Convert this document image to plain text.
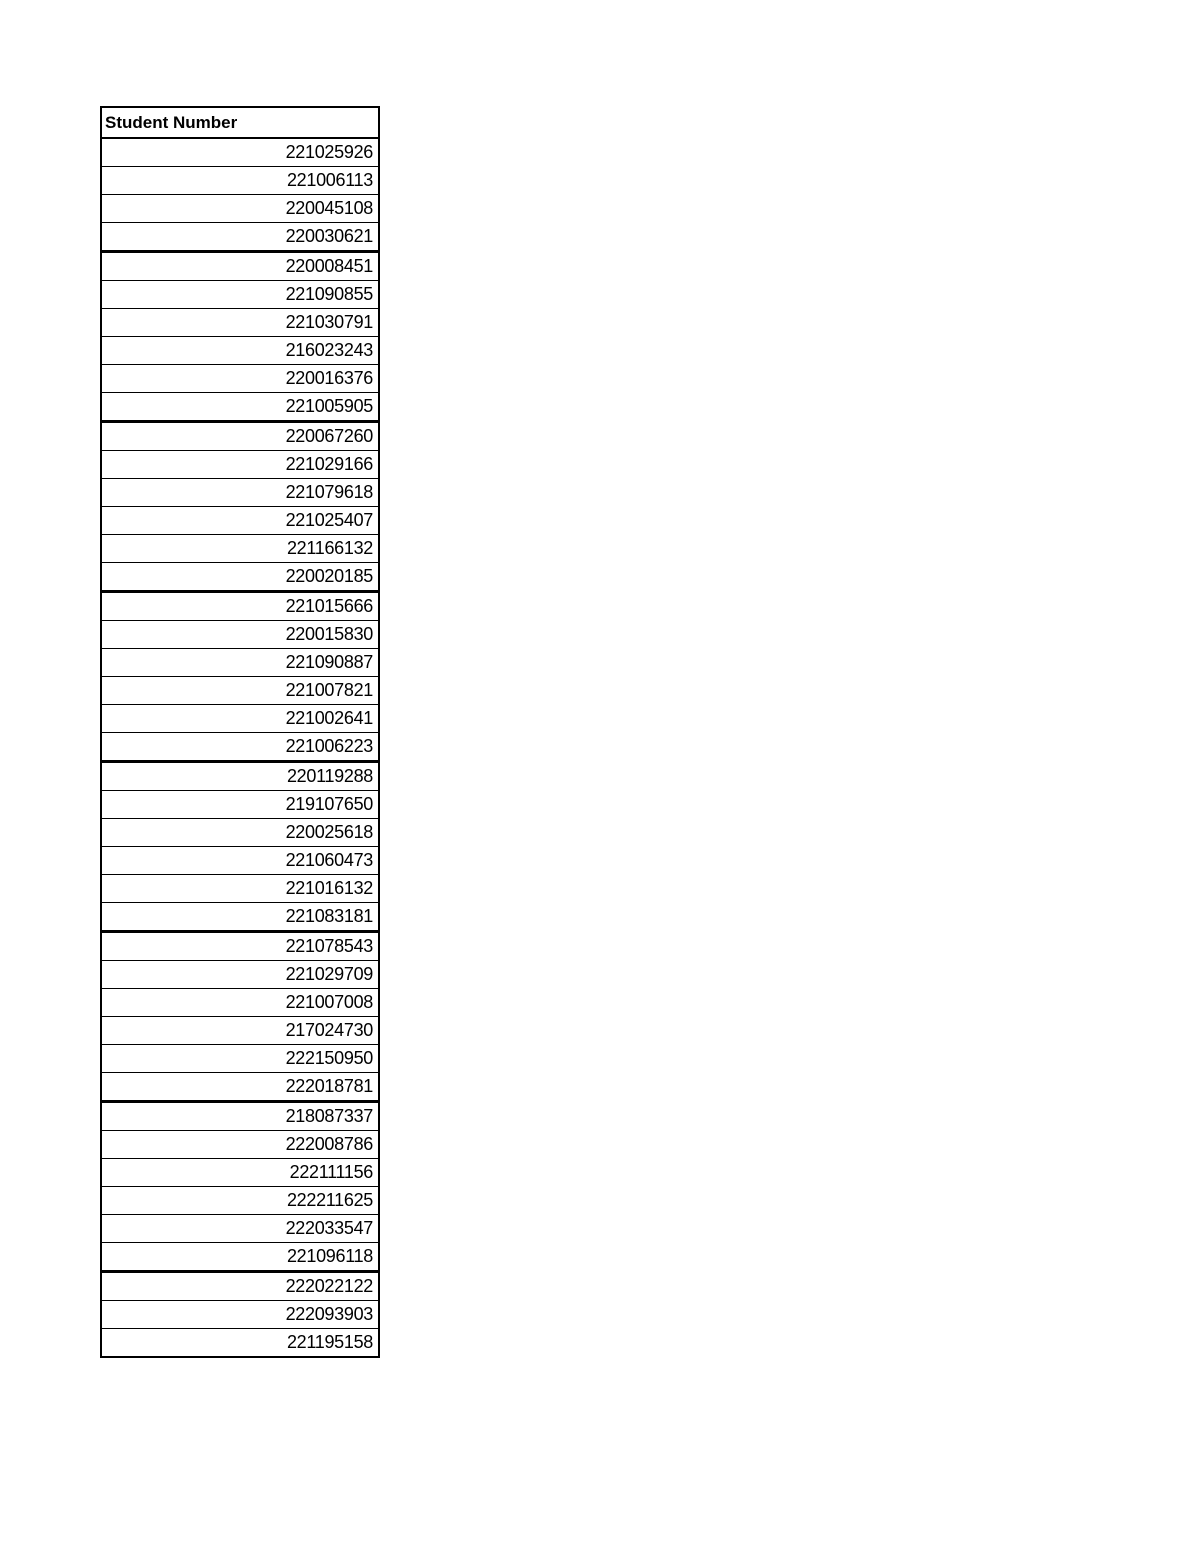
Student Number
221025926
221006113
220045108
220030621
220008451
221090855
221030791
216023243
220016376
221005905
220067260
221029166
221079618
221025407
221166132
220020185
221015666
220015830
221090887
221007821
221002641
221006223
220119288
219107650
220025618
221060473
221016132
221083181
221078543
221029709
221007008
217024730
222150950
222018781
218087337
222008786
222111156
222211625
222033547
221096118
222022122
222093903
221195158
